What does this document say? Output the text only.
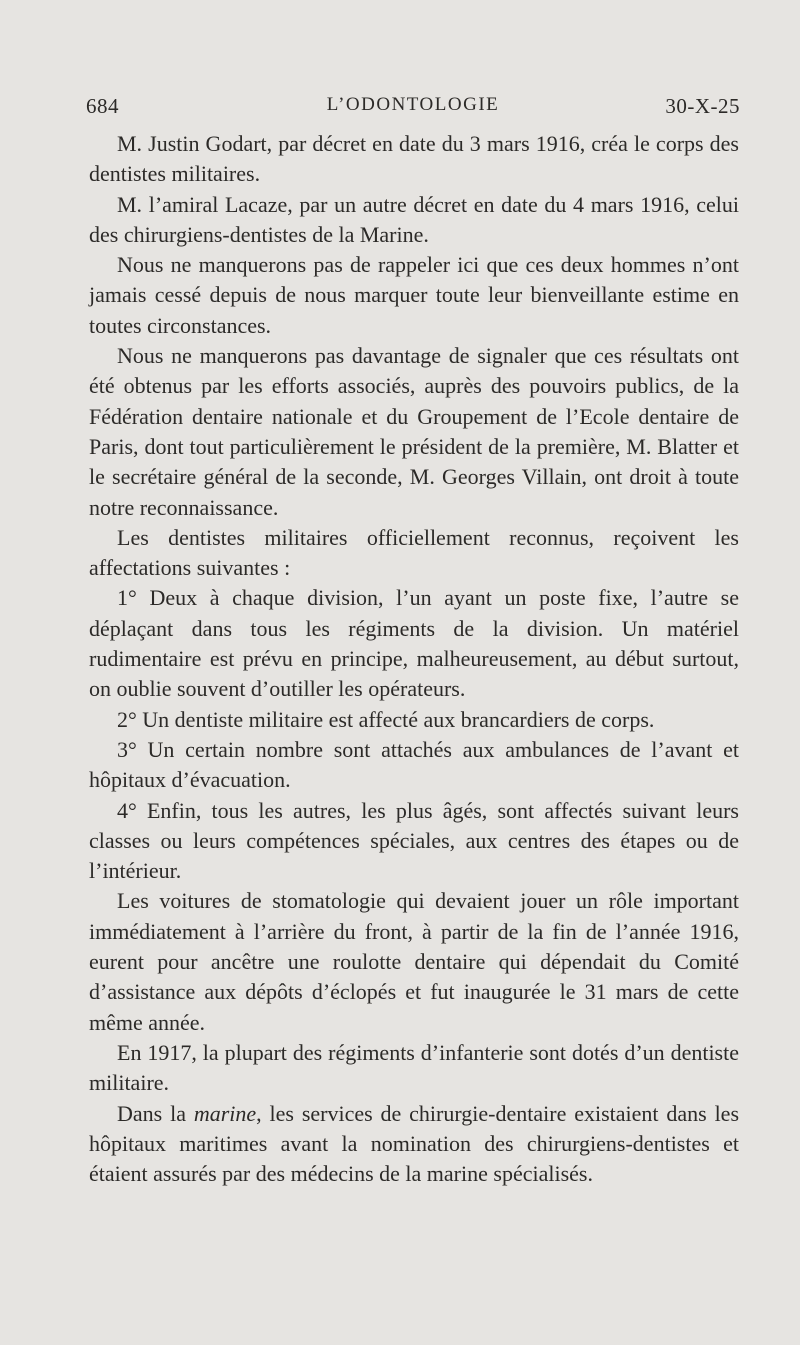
684	L’ODONTOLOGIE	30-X-25

M. Justin Godart, par décret en date du 3 mars 1916, créa le corps des dentistes militaires.

M. l’amiral Lacaze, par un autre décret en date du 4 mars 1916, celui des chirurgiens-dentistes de la Marine.

Nous ne manquerons pas de rappeler ici que ces deux hommes n’ont jamais cessé depuis de nous marquer toute leur bienveillante estime en toutes circonstances.

Nous ne manquerons pas davantage de signaler que ces résultats ont été obtenus par les efforts associés, auprès des pouvoirs publics, de la Fédération dentaire nationale et du Groupement de l’Ecole dentaire de Paris, dont tout particulièrement le président de la première, M. Blatter et le secrétaire général de la seconde, M. Georges Villain, ont droit à toute notre reconnaissance.

Les dentistes militaires officiellement reconnus, reçoivent les affectations suivantes :

1° Deux à chaque division, l’un ayant un poste fixe, l’autre se déplaçant dans tous les régiments de la division. Un matériel rudimentaire est prévu en principe, malheureusement, au début surtout, on oublie souvent d’outiller les opérateurs.

2° Un dentiste militaire est affecté aux brancardiers de corps.

3° Un certain nombre sont attachés aux ambulances de l’avant et hôpitaux d’évacuation.

4° Enfin, tous les autres, les plus âgés, sont affectés suivant leurs classes ou leurs compétences spéciales, aux centres des étapes ou de l’intérieur.

Les voitures de stomatologie qui devaient jouer un rôle important immédiatement à l’arrière du front, à partir de la fin de l’année 1916, eurent pour ancêtre une roulotte dentaire qui dépendait du Comité d’assistance aux dépôts d’éclopés et fut inaugurée le 31 mars de cette même année.

En 1917, la plupart des régiments d’infanterie sont dotés d’un dentiste militaire.

Dans la marine, les services de chirurgie-dentaire existaient dans les hôpitaux maritimes avant la nomination des chirurgiens-dentistes et étaient assurés par des médecins de la marine spécialisés.
